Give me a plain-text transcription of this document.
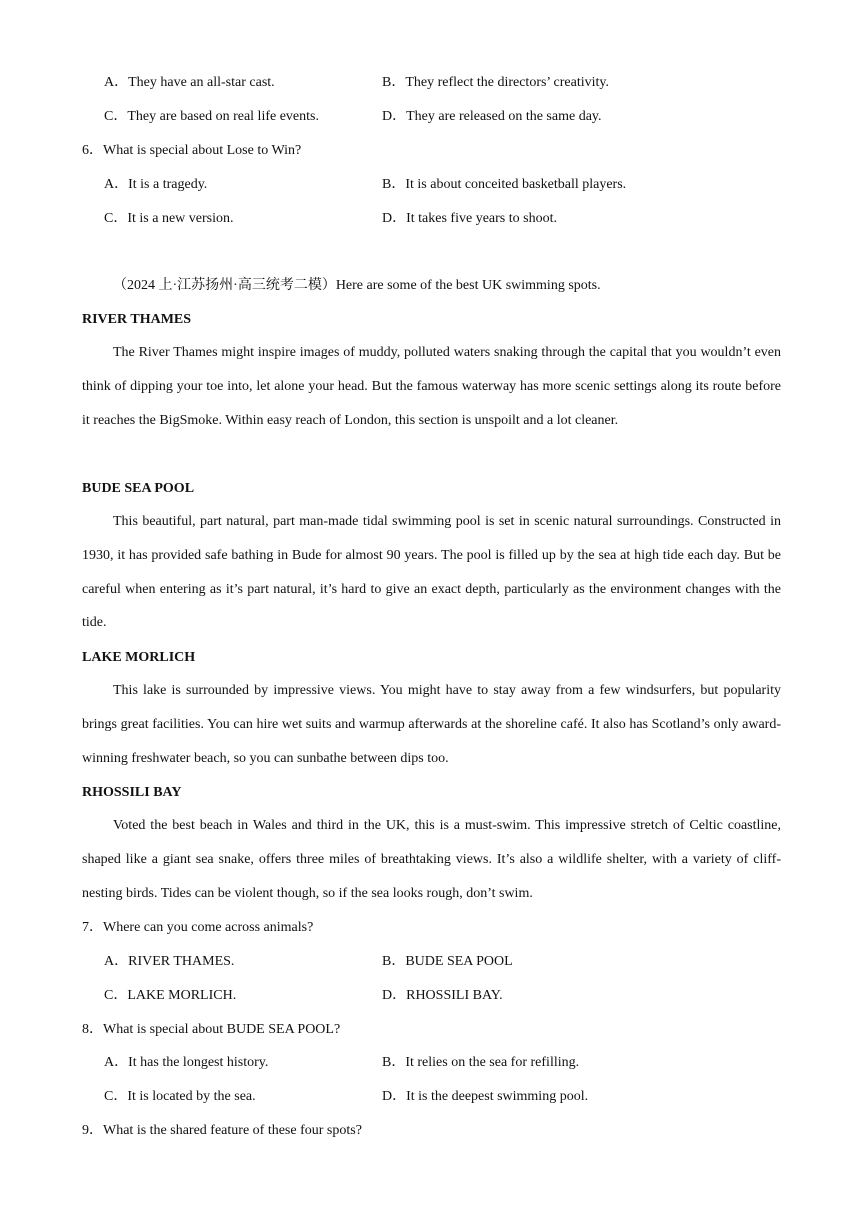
A．They have an all-star cast.	B．They reflect the directors’ creativity.
C．They are based on real life events.	D．They are released on the same day.
6．What is special about Lose to Win?
A．It is a tragedy.	B．It is about conceited basketball players.
C．It is a new version.	D．It takes five years to shoot.
（2024 上·江苏扬州·高三统考二模）Here are some of the best UK swimming spots.
RIVER THAMES
The River Thames might inspire images of muddy, polluted waters snaking through the capital that you wouldn’t even think of dipping your toe into, let alone your head. But the famous waterway has more scenic settings along its route before it reaches the BigSmoke. Within easy reach of London, this section is unspoilt and a lot cleaner.
BUDE SEA POOL
This beautiful, part natural, part man-made tidal swimming pool is set in scenic natural surroundings. Constructed in 1930, it has provided safe bathing in Bude for almost 90 years. The pool is filled up by the sea at high tide each day. But be careful when entering as it’s part natural, it’s hard to give an exact depth, particularly as the environment changes with the tide.
LAKE MORLICH
This lake is surrounded by impressive views. You might have to stay away from a few windsurfers, but popularity brings great facilities. You can hire wet suits and warmup afterwards at the shoreline café. It also has Scotland’s only award-winning freshwater beach, so you can sunbathe between dips too.
RHOSSILI BAY
Voted the best beach in Wales and third in the UK, this is a must-swim. This impressive stretch of Celtic coastline, shaped like a giant sea snake, offers three miles of breathtaking views. It’s also a wildlife shelter, with a variety of cliff-nesting birds. Tides can be violent though, so if the sea looks rough, don’t swim.
7．Where can you come across animals?
A．RIVER THAMES.	B．BUDE SEA POOL
C．LAKE MORLICH.	D．RHOSSILI BAY.
8．What is special about BUDE SEA POOL?
A．It has the longest history.	B．It relies on the sea for refilling.
C．It is located by the sea.	D．It is the deepest swimming pool.
9．What is the shared feature of these four spots?
